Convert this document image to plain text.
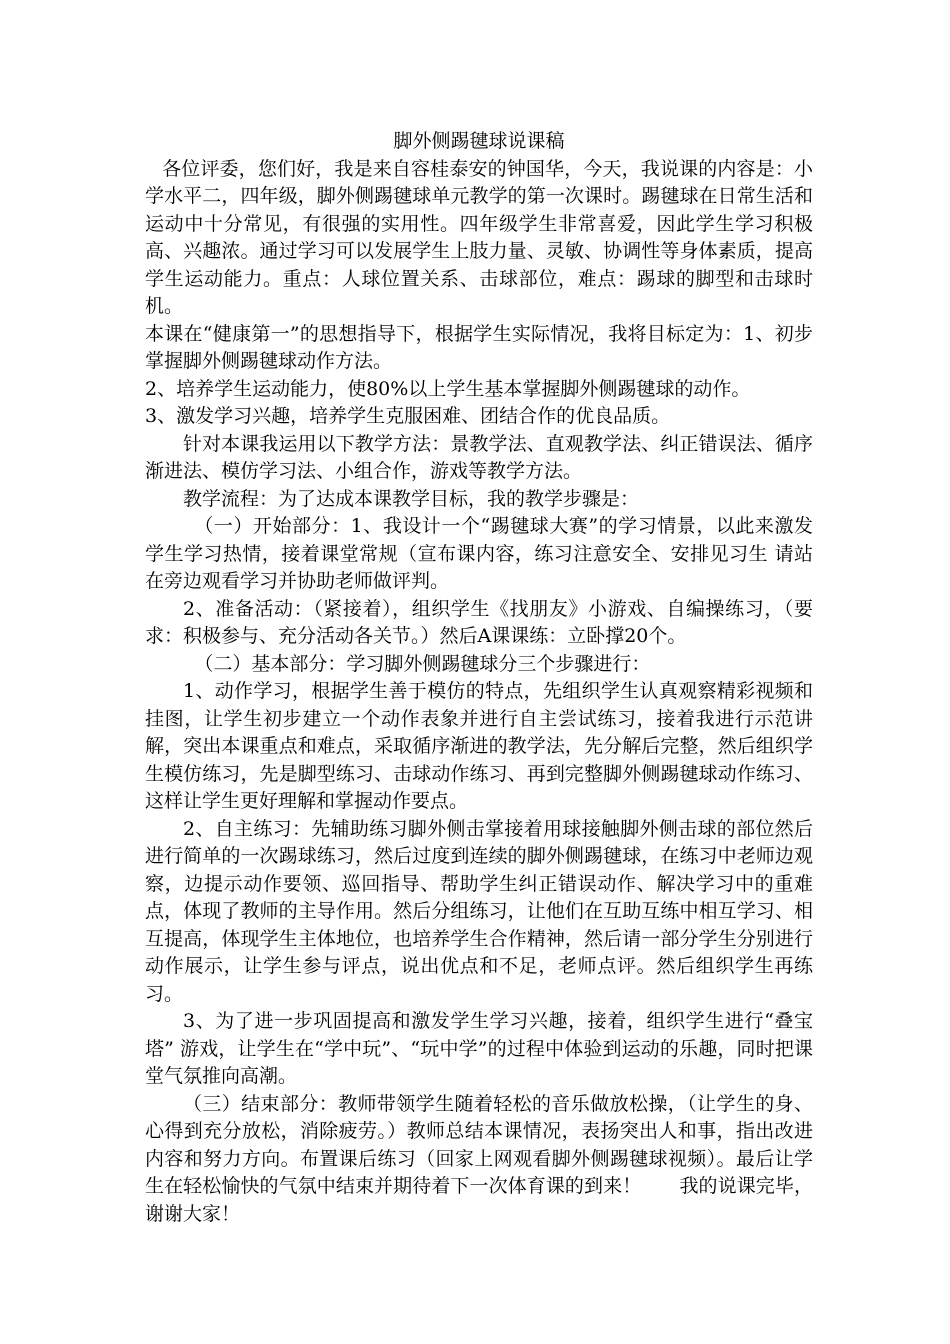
脚外侧踢毽球说课稿

各位评委，您们好，我是来自容桂泰安的钟国华，今天，我说课的内容是：小学水平二，四年级，脚外侧踢毽球单元教学的第一次课时。踢毽球在日常生活和运动中十分常见，有很强的实用性。四年级学生非常喜爱，因此学生学习积极高、兴趣浓。通过学习可以发展学生上肢力量、灵敏、协调性等身体素质，提高学生运动能力。重点：人球位置关系、击球部位，难点：踢球的脚型和击球时机。

本课在“健康第一”的思想指导下，根据学生实际情况，我将目标定为：1、初步掌握脚外侧踢毽球动作方法。

2、培养学生运动能力，使80%以上学生基本掌握脚外侧踢毽球的动作。

3、激发学习兴趣，培养学生克服困难、团结合作的优良品质。

针对本课我运用以下教学方法：景教学法、直观教学法、纠正错误法、循序渐进法、模仿学习法、小组合作，游戏等教学方法。

教学流程：为了达成本课教学目标，我的教学步骤是：

（一）开始部分：1、我设计一个“踢毽球大赛”的学习情景，以此来激发学生学习热情，接着课堂常规（宣布课内容，练习注意安全、安排见习生 请站在旁边观看学习并协助老师做评判。

2、准备活动：（紧接着），组织学生《找朋友》小游戏、自编操练习，（要求：积极参与、充分活动各关节。）然后A课课练：立卧撑20个。

（二）基本部分：学习脚外侧踢毽球分三个步骤进行：

1、动作学习，根据学生善于模仿的特点，先组织学生认真观察精彩视频和挂图，让学生初步建立一个动作表象并进行自主尝试练习，接着我进行示范讲解，突出本课重点和难点，采取循序渐进的教学法，先分解后完整，然后组织学生模仿练习，先是脚型练习、击球动作练习、再到完整脚外侧踢毽球动作练习、这样让学生更好理解和掌握动作要点。

2、自主练习：先辅助练习脚外侧击掌接着用球接触脚外侧击球的部位然后进行简单的一次踢球练习，然后过度到连续的脚外侧踢毽球，在练习中老师边观察，边提示动作要领、巡回指导、帮助学生纠正错误动作、解决学习中的重难点，体现了教师的主导作用。然后分组练习，让他们在互助互练中相互学习、相互提高，体现学生主体地位，也培养学生合作精神，然后请一部分学生分别进行动作展示，让学生参与评点，说出优点和不足，老师点评。然后组织学生再练习。

3、为了进一步巩固提高和激发学生学习兴趣，接着，组织学生进行“叠宝塔” 游戏，让学生在“学中玩”、“玩中学”的过程中体验到运动的乐趣，同时把课堂气氛推向高潮。

（三）结束部分：教师带领学生随着轻松的音乐做放松操，（让学生的身、心得到充分放松，消除疲劳。）教师总结本课情况，表扬突出人和事，指出改进内容和努力方向。布置课后练习（回家上网观看脚外侧踢毽球视频）。最后让学生在轻松愉快的气氛中结束并期待着下一次体育课的到来！　　我的说课完毕，谢谢大家！
